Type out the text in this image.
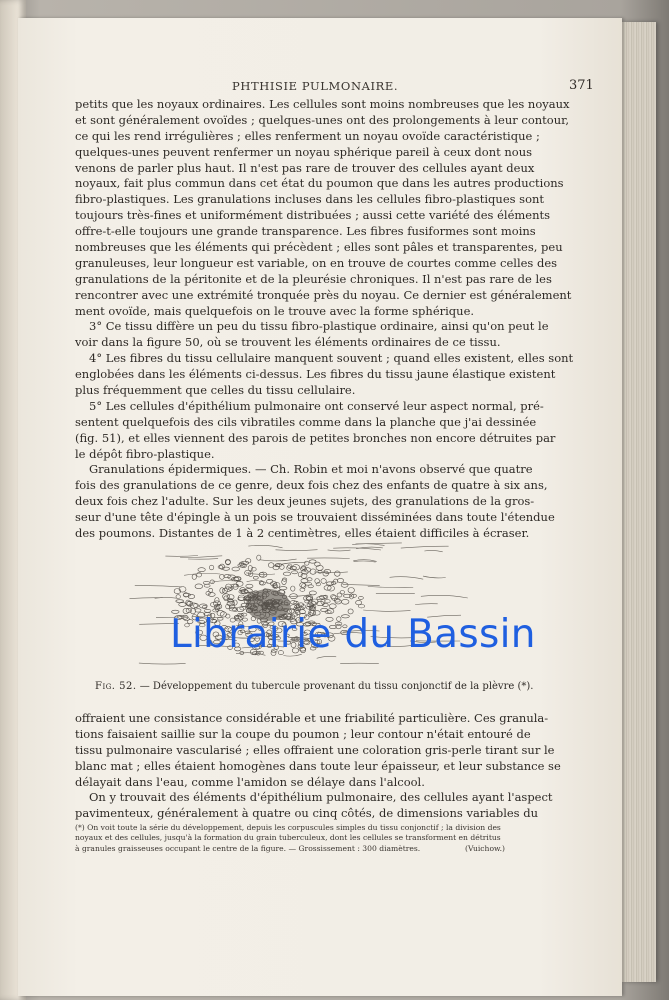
PHTHISIE PULMONAIRE.	371
petits que les noyaux ordinaires. Les cellules sont moins nombreuses que les noyaux
et sont généralement ovoïdes ; quelques-unes ont des prolongements à leur contour,
ce qui les rend irrégulières ; elles renferment un noyau ovoïde caractéristique ;
quelques-unes peuvent renfermer un noyau sphérique pareil à ceux dont nous
venons de parler plus haut. Il n'est pas rare de trouver des cellules ayant deux
noyaux, fait plus commun dans cet état du poumon que dans les autres productions
fibro-plastiques. Les granulations incluses dans les cellules fibro-plastiques sont
toujours très-fines et uniformément distribuées ; aussi cette variété des éléments
offre-t-elle toujours une grande transparence. Les fibres fusiformes sont moins
nombreuses que les éléments qui précèdent ; elles sont pâles et transparentes, peu
granuleuses, leur longueur est variable, on en trouve de courtes comme celles des
granulations de la péritonite et de la pleurésie chroniques. Il n'est pas rare de les
rencontrer avec une extrémité tronquée près du noyau. Ce dernier est généralement
ment ovoïde, mais quelquefois on le trouve avec la forme sphérique.
3° Ce tissu diffère un peu du tissu fibro-plastique ordinaire, ainsi qu'on peut le
voir dans la figure 50, où se trouvent les éléments ordinaires de ce tissu.
4° Les fibres du tissu cellulaire manquent souvent ; quand elles existent, elles sont
englobées dans les éléments ci-dessus. Les fibres du tissu jaune élastique existent
plus fréquemment que celles du tissu cellulaire.
5° Les cellules d'épithélium pulmonaire ont conservé leur aspect normal, pré-
sentent quelquefois des cils vibratiles comme dans la planche que j'ai dessinée
(fig. 51), et elles viennent des parois de petites bronches non encore détruites par
le dépôt fibro-plastique.
Granulations épidermiques. — Ch. Robin et moi n'avons observé que quatre
fois des granulations de ce genre, deux fois chez des enfants de quatre à six ans,
deux fois chez l'adulte. Sur les deux jeunes sujets, des granulations de la gros-
seur d'une tête d'épingle à un pois se trouvaient disséminées dans toute l'étendue
des poumons. Distantes de 1 à 2 centimètres, elles étaient difficiles à écraser.
Librairie du Bassin
Fig. 52. — Développement du tubercule provenant du tissu conjonctif de la plèvre (*).
offraient une consistance considérable et une friabilité particulière. Ces granula-
tions faisaient saillie sur la coupe du poumon ; leur contour n'était entouré de
tissu pulmonaire vascularisé ; elles offraient une coloration gris-perle tirant sur le
blanc mat ; elles étaient homogènes dans toute leur épaisseur, et leur substance se
délayait dans l'eau, comme l'amidon se délaye dans l'alcool.
On y trouvait des éléments d'épithélium pulmonaire, des cellules ayant l'aspect
pavimenteux, généralement à quatre ou cinq côtés, de dimensions variables du
(*) On voit toute la série du développement, depuis les corpuscules simples du tissu conjonctif ; la division des
noyaux et des cellules, jusqu'à la formation du grain tuberculeux, dont les cellules se transforment en détritus
(Vuichow.)
à granules graisseuses occupant le centre de la figure. — Grossissement : 300 diamètres.
